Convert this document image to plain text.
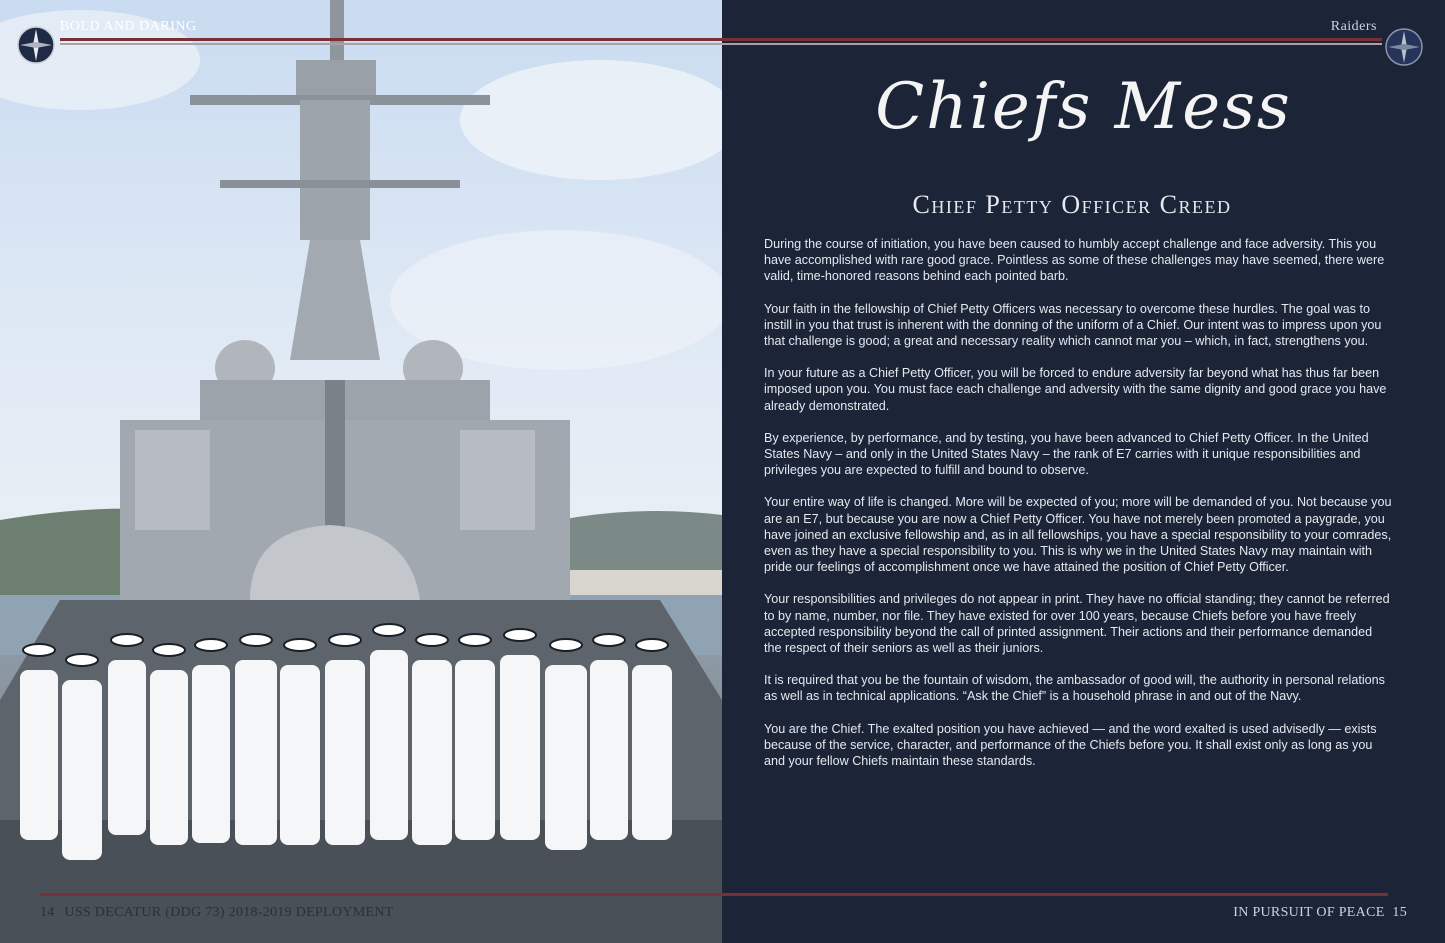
BOLD AND DARING
14 USS DECATUR (DDG 73) 2018-2019 DEPLOYMENT
Raiders
Chiefs Mess
Chief Petty Officer Creed

During the course of initiation, you have been caused to humbly accept challenge and face adversity. This you have accomplished with rare good grace. Pointless as some of these challenges may have seemed, there were valid, time-honored reasons behind each pointed barb.

Your faith in the fellowship of Chief Petty Officers was necessary to overcome these hurdles. The goal was to instill in you that trust is inherent with the donning of the uniform of a Chief. Our intent was to impress upon you that challenge is good; a great and necessary reality which cannot mar you – which, in fact, strengthens you.

In your future as a Chief Petty Officer, you will be forced to endure adversity far beyond what has thus far been imposed upon you. You must face each challenge and adversity with the same dignity and good grace you have already demonstrated.

By experience, by performance, and by testing, you have been advanced to Chief Petty Officer. In the United States Navy – and only in the United States Navy – the rank of E7 carries with it unique responsibilities and privileges you are expected to fulfill and bound to observe.

Your entire way of life is changed. More will be expected of you; more will be demanded of you. Not because you are an E7, but because you are now a Chief Petty Officer. You have not merely been promoted a paygrade, you have joined an exclusive fellowship and, as in all fellowships, you have a special responsibility to your comrades, even as they have a special responsibility to you. This is why we in the United States Navy may maintain with pride our feelings of accomplishment once we have attained the position of Chief Petty Officer.

Your responsibilities and privileges do not appear in print. They have no official standing; they cannot be referred to by name, number, nor file. They have existed for over 100 years, because Chiefs before you have freely accepted responsibility beyond the call of printed assignment. Their actions and their performance demanded the respect of their seniors as well as their juniors.

It is required that you be the fountain of wisdom, the ambassador of good will, the authority in personal relations as well as in technical applications. “Ask the Chief” is a household phrase in and out of the Navy.

You are the Chief. The exalted position you have achieved — and the word exalted is used advisedly — exists because of the service, character, and performance of the Chiefs before you. It shall exist only as long as you and your fellow Chiefs maintain these standards.

IN PURSUIT OF PEACE 15
